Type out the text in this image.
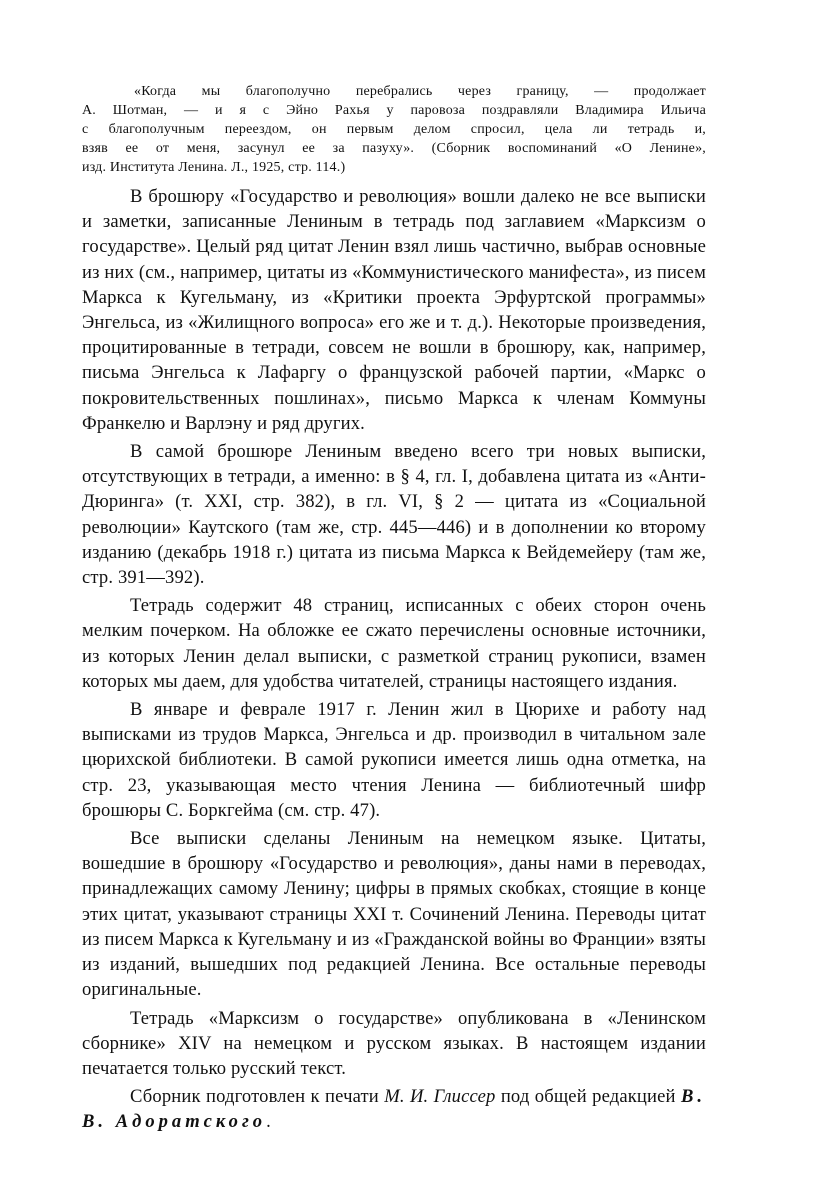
«Когда мы благополучно перебрались через границу, — продолжает
А. Шотман, — и я с Эйно Рахья у паровоза поздравляли Владимира Ильича
с благополучным переездом, он первым делом спросил, цела ли тетрадь и,
взяв ее от меня, засунул ее за пазуху». (Сборник воспоминаний «О Ленине»,
изд. Института Ленина. Л., 1925, стр. 114.)

В брошюру «Государство и революция» вошли далеко не все выписки и заметки, записанные Лениным в тетрадь под заглавием «Марксизм о государстве». Целый ряд цитат Ленин взял лишь частично, выбрав основные из них (см., например, цитаты из «Коммунистического манифеста», из писем Маркса к Кугельману, из «Критики проекта Эрфуртской программы» Энгельса, из «Жилищного вопроса» его же и т. д.). Некоторые произведения, процитированные в тетради, совсем не вошли в брошюру, как, например, письма Энгельса к Лафаргу о французской рабочей партии, «Маркс о покровительственных пошлинах», письмо Маркса к членам Коммуны Франкелю и Варлэну и ряд других.

В самой брошюре Лениным введено всего три новых выписки, отсутствующих в тетради, а именно: в § 4, гл. I, добавлена цитата из «Анти-Дюринга» (т. XXI, стр. 382), в гл. VI, § 2 — цитата из «Социальной революции» Каутского (там же, стр. 445—446) и в дополнении ко второму изданию (декабрь 1918 г.) цитата из письма Маркса к Вейдемейеру (там же, стр. 391—392).

Тетрадь содержит 48 страниц, исписанных с обеих сторон очень мелким почерком. На обложке ее сжато перечислены основные источники, из которых Ленин делал выписки, с разметкой страниц рукописи, взамен которых мы даем, для удобства читателей, страницы настоящего издания.

В январе и феврале 1917 г. Ленин жил в Цюрихе и работу над выписками из трудов Маркса, Энгельса и др. производил в читальном зале цюрихской библиотеки. В самой рукописи имеется лишь одна отметка, на стр. 23, указывающая место чтения Ленина — библиотечный шифр брошюры С. Боркгейма (см. стр. 47).

Все выписки сделаны Лениным на немецком языке. Цитаты, вошедшие в брошюру «Государство и революция», даны нами в переводах, принадлежащих самому Ленину; цифры в прямых скобках, стоящие в конце этих цитат, указывают страницы XXI т. Сочинений Ленина. Переводы цитат из писем Маркса к Кугельману и из «Гражданской войны во Франции» взяты из изданий, вышедших под редакцией Ленина. Все остальные переводы оригинальные.

Тетрадь «Марксизм о государстве» опубликована в «Ленинском сборнике» XIV на немецком и русском языках. В настоящем издании печатается только русский текст.

Сборник подготовлен к печати М. И. Глиссер под общей редакцией В. В. Адоратского.
